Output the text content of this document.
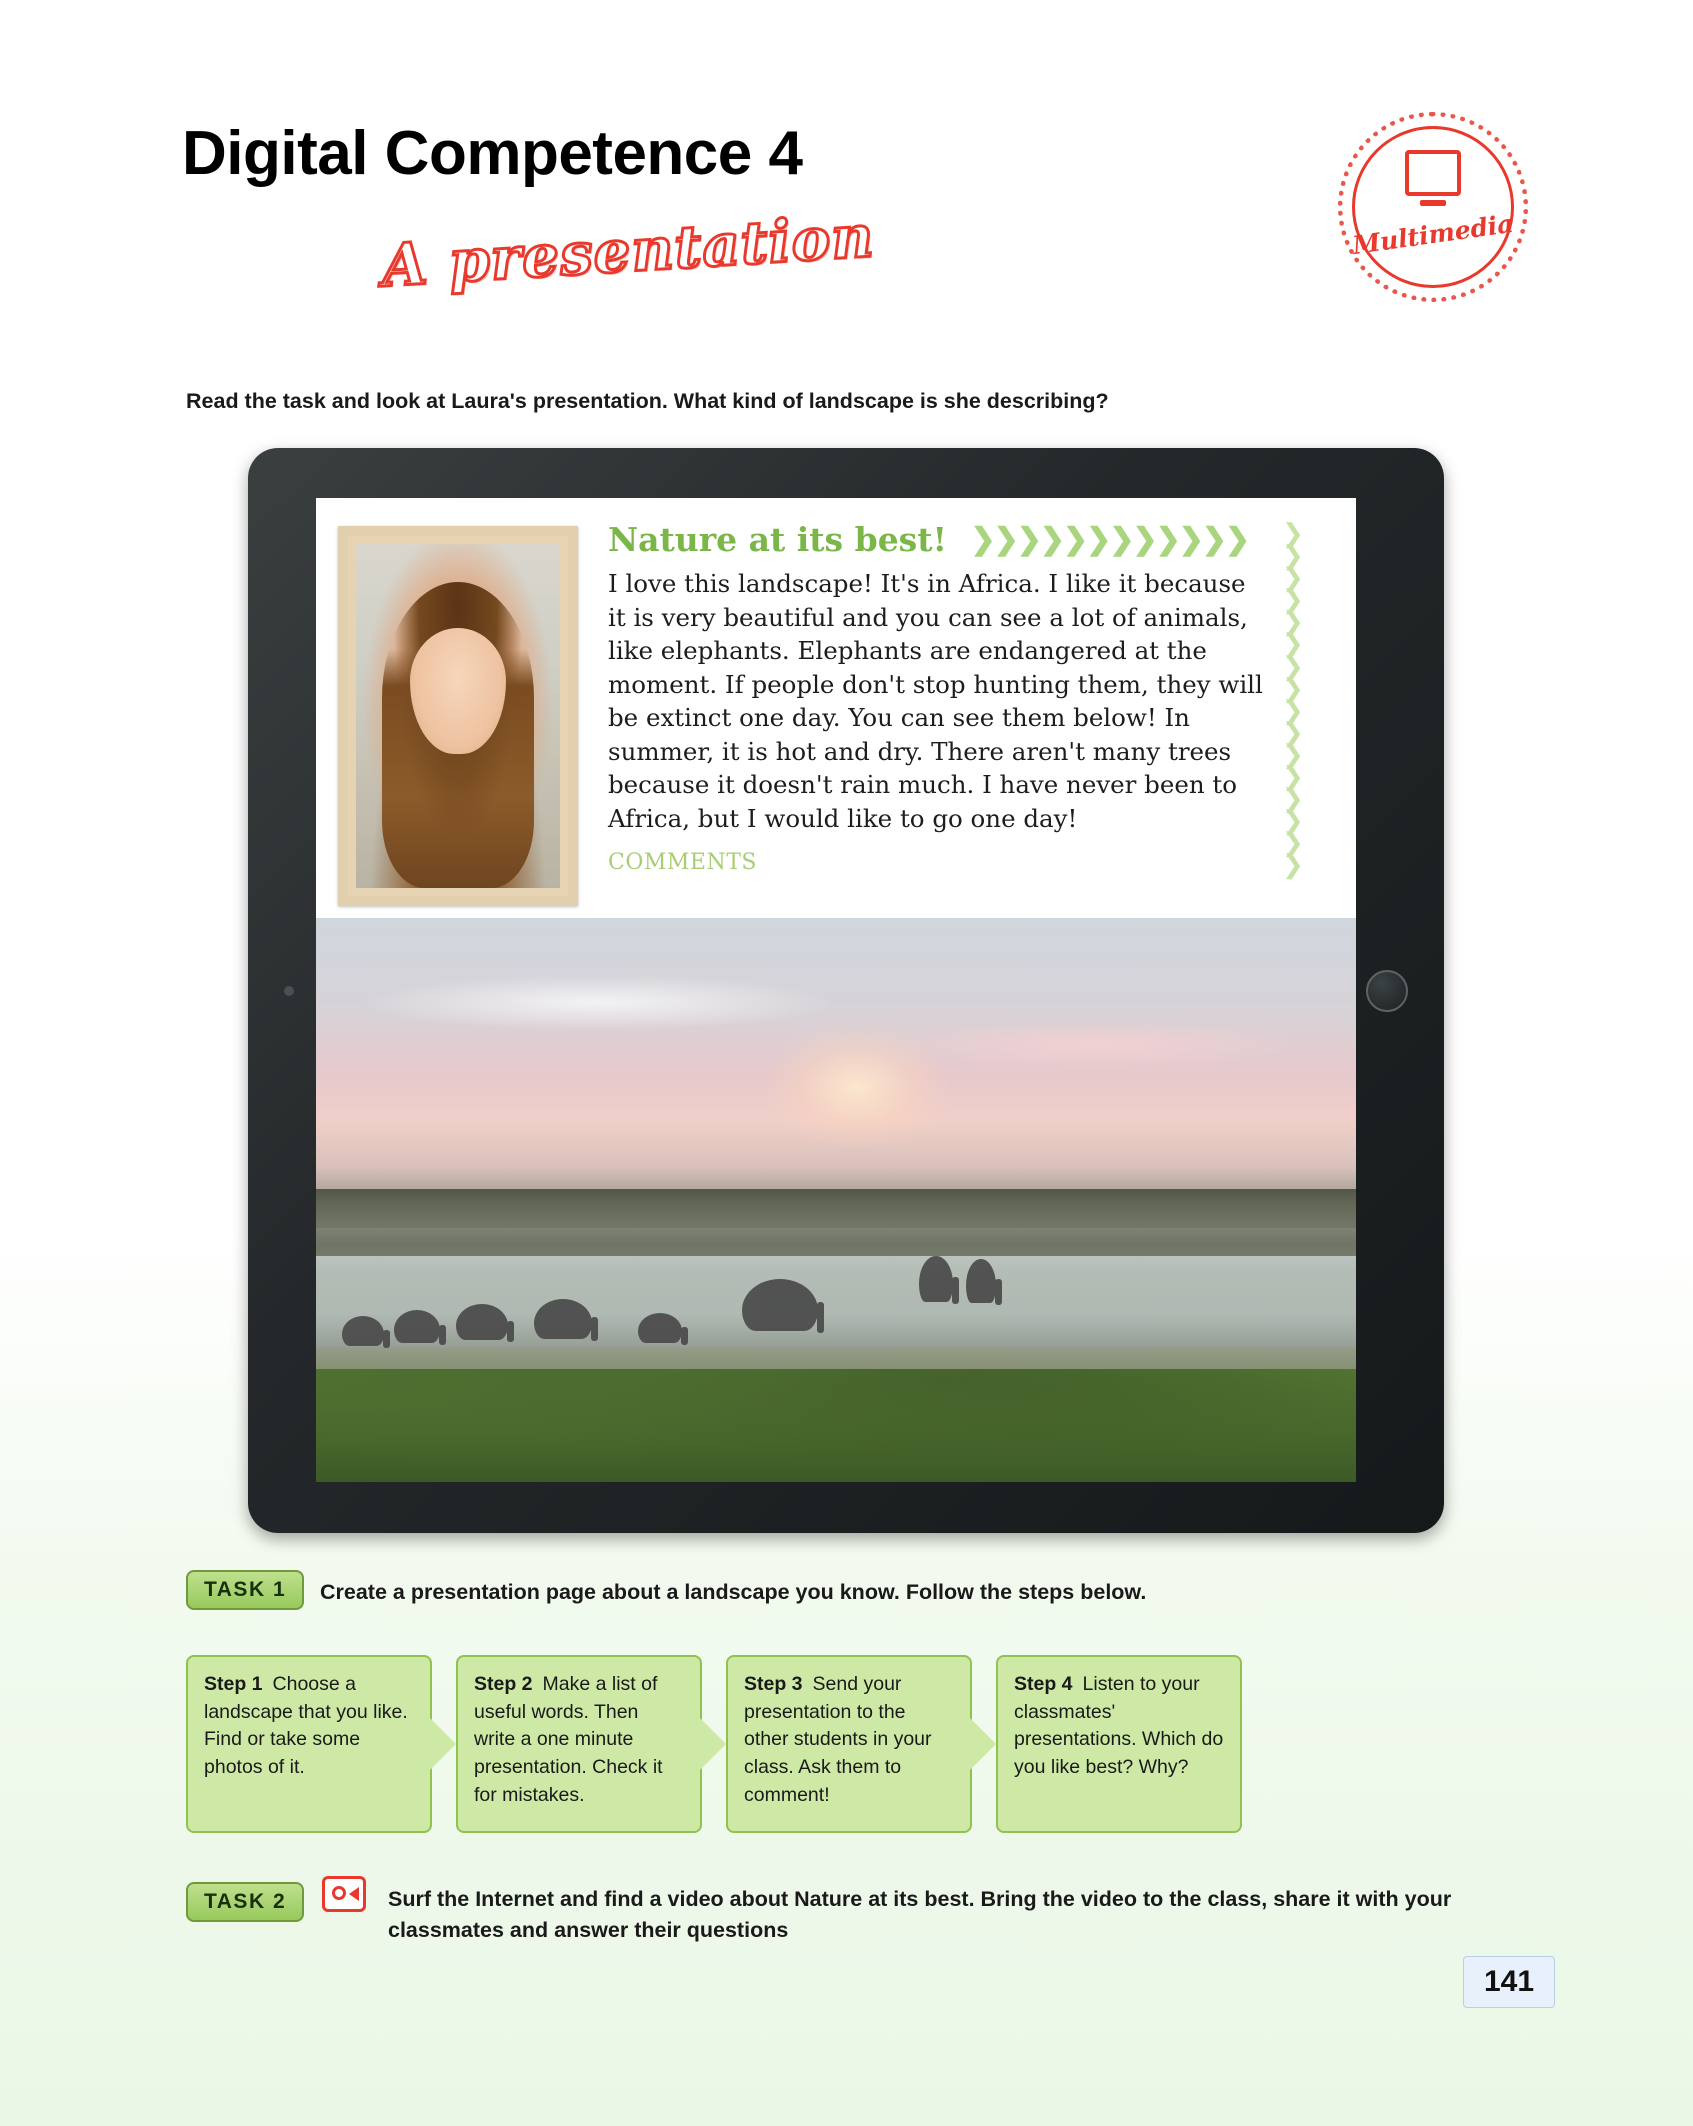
Digital Competence 4
A presentation	Multimedia
Read the task and look at Laura's presentation. What kind of landscape is she describing?
Nature at its best! ❯❯❯❯❯❯❯❯❯❯❯❯

I love this landscape! It's in Africa. I like it because it is very beautiful and you can see a lot of animals, like elephants. Elephants are endangered at the moment. If people don't stop hunting them, they will be extinct one day. You can see them below! In summer, it is hot and dry. There aren't many trees because it doesn't rain much. I have never been to Africa, but I would like to go one day!

COMMENTS
❯
❯
❯
❯
❯
❯
❯
❯
❯
❯
❯
❯
❯
❯
❯
❯
TASK 1	Create a presentation page about a landscape you know. Follow the steps below.
Step 1 Choose a landscape that you like. Find or take some photos of it.
Step 2 Make a list of useful words. Then write a one minute presentation. Check it for mistakes.
Step 3 Send your presentation to the other students in your class. Ask them to comment!
Step 4 Listen to your classmates' presentations. Which do you like best? Why?
TASK 2	Surf the Internet and find a video about Nature at its best. Bring the video to the class, share it with your classmates and answer their questions
141
